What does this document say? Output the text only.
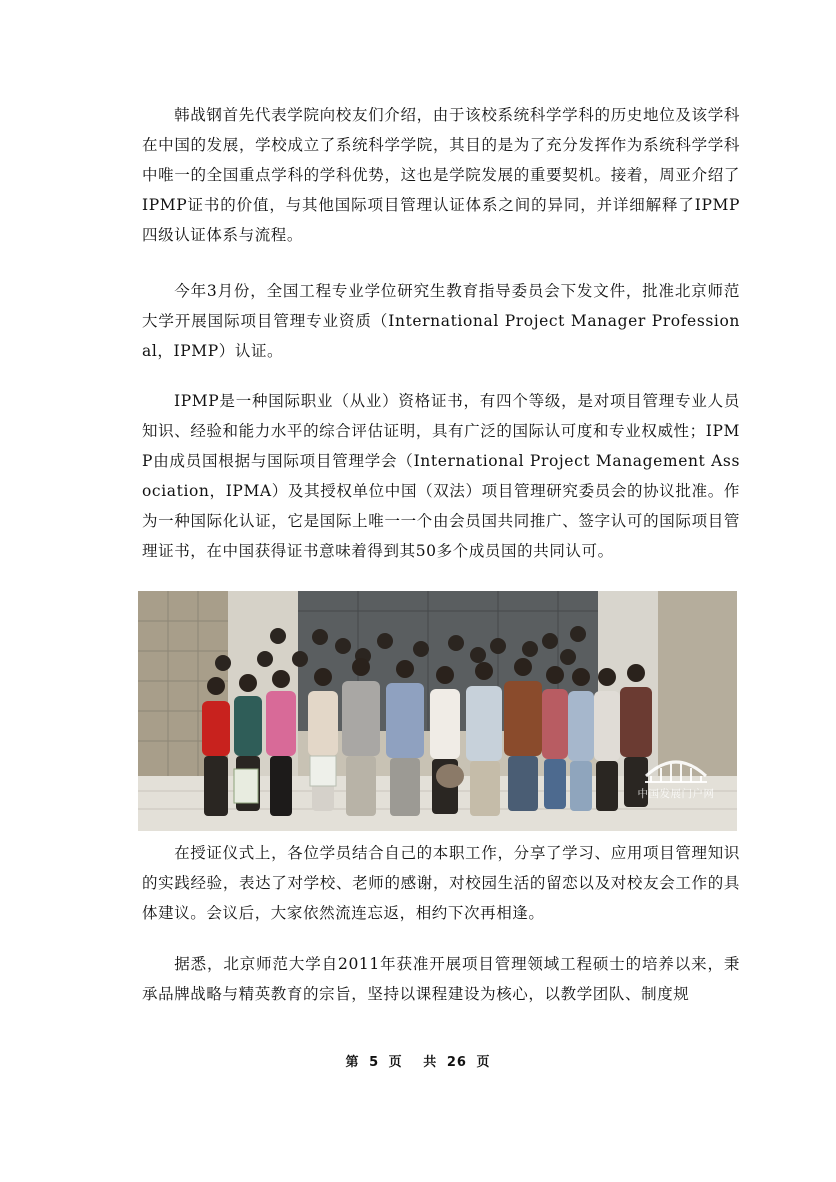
韩战钢首先代表学院向校友们介绍，由于该校系统科学学科的历史地位及该学科在中国的发展，学校成立了系统科学学院，其目的是为了充分发挥作为系统科学学科中唯一的全国重点学科的学科优势，这也是学院发展的重要契机。接着，周亚介绍了IPMP证书的价值，与其他国际项目管理认证体系之间的异同，并详细解释了IPMP四级认证体系与流程。

今年3月份，全国工程专业学位研究生教育指导委员会下发文件，批准北京师范大学开展国际项目管理专业资质（International Project Manager Professional，IPMP）认证。

IPMP是一种国际职业（从业）资格证书，有四个等级，是对项目管理专业人员知识、经验和能力水平的综合评估证明，具有广泛的国际认可度和专业权威性；IPMP由成员国根据与国际项目管理学会（International Project Management Association，IPMA）及其授权单位中国（双法）项目管理研究委员会的协议批准。作为一种国际化认证，它是国际上唯一一个由会员国共同推广、签字认可的国际项目管理证书，在中国获得证书意味着得到其50多个成员国的共同认可。

中国发展门户网

在授证仪式上，各位学员结合自己的本职工作，分享了学习、应用项目管理知识的实践经验，表达了对学校、老师的感谢，对校园生活的留恋以及对校友会工作的具体建议。会议后，大家依然流连忘返，相约下次再相逢。

据悉，北京师范大学自2011年获准开展项目管理领域工程硕士的培养以来，秉承品牌战略与精英教育的宗旨，坚持以课程建设为核心，以教学团队、制度规

第 5 页 共 26 页
